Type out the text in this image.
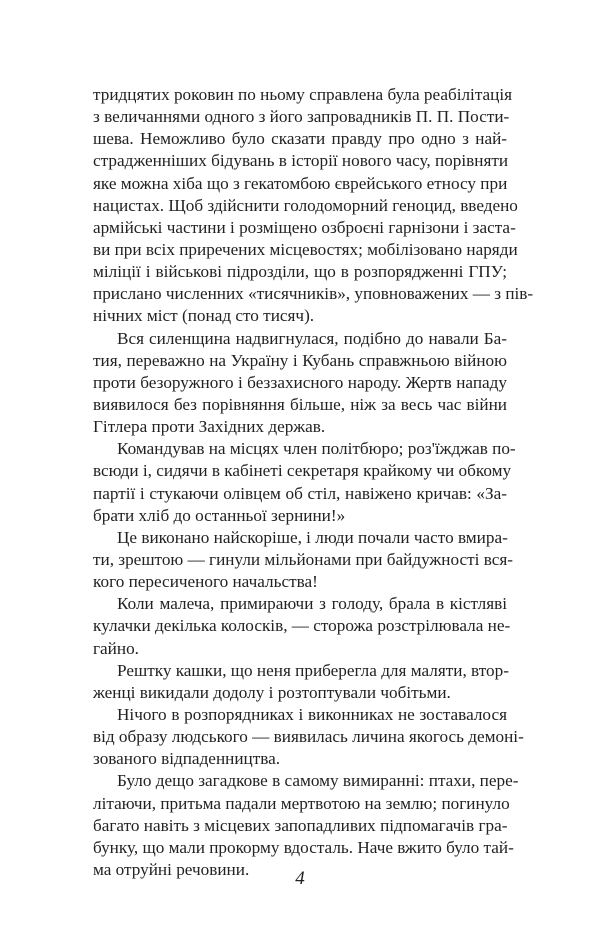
тридцятих роковин по ньому справлена була реабілітація
з величаннями одного з його запровадників П. П. Пости-
шева. Неможливо було сказати правду про одно з най-
страдженніших бідувань в історії нового часу, порівняти
яке можна хіба що з гекатомбою єврейського етносу при
нацистах. Щоб здійснити голодоморний геноцид, введено
армійські частини і розміщено озброєні гарнізони і заста-
ви при всіх приречених місцевостях; мобілізовано наряди
міліції і військові підрозділи, що в розпорядженні ГПУ;
прислано численних «тисячників», уповноважених — з пів-
нічних міст (понад сто тисяч).
Вся силенщина надвигнулася, подібно до навали Ба-
тия, переважно на Україну і Кубань справжньою війною
проти безоружного і беззахисного народу. Жертв нападу
виявилося без порівняння більше, ніж за весь час війни
Гітлера проти Західних держав.
Командував на місцях член політбюро; роз'їжджав по-
всюди і, сидячи в кабінеті секретаря крайкому чи обкому
партії і стукаючи олівцем об стіл, навіжено кричав: «За-
брати хліб до останньої зернини!»
Це виконано найскоріше, і люди почали часто вмира-
ти, зрештою — гинули мільйонами при байдужності вся-
кого пересиченого начальства!
Коли малеча, примираючи з голоду, брала в кістляві
кулачки декілька колосків, — сторожа розстрілювала не-
гайно.
Рештку кашки, що неня приберегла для маляти, втор-
женці викидали додолу і розтоптували чобітьми.
Нічого в розпорядниках і виконниках не зоставалося
від образу людського — виявилась личина якогось демоні-
зованого відпаденництва.
Було дещо загадкове в самому вимиранні: птахи, пере-
літаючи, притьма падали мертвотою на землю; погинуло
багато навіть з місцевих запопадливих підпомагачів гра-
бунку, що мали прокорму вдосталь. Наче вжито було тай-
ма отруйні речовини.	4
